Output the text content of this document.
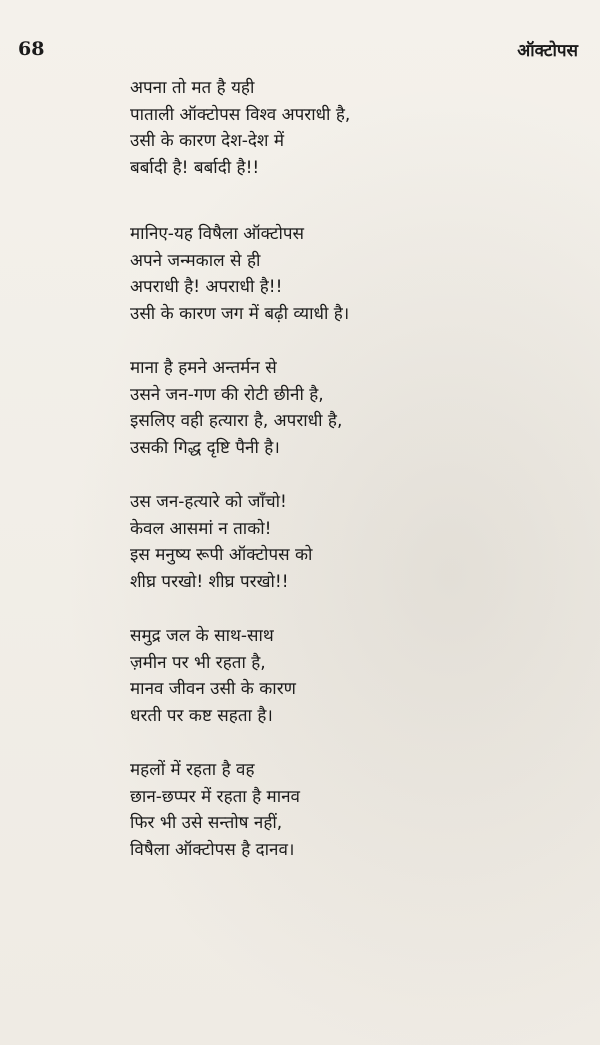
68	ऑक्टोपस
अपना तो मत है यही
पाताली ऑक्टोपस विश्व अपराधी है,
उसी के कारण देश-देश में
बर्बादी है! बर्बादी है!!
मानिए-यह विषैला ऑक्टोपस
अपने जन्मकाल से ही
अपराधी है! अपराधी है!!
उसी के कारण जग में बढ़ी व्याधी है।
माना है हमने अन्तर्मन से
उसने जन-गण की रोटी छीनी है,
इसलिए वही हत्यारा है, अपराधी है,
उसकी गिद्ध दृष्टि पैनी है।
उस जन-हत्यारे को जाँचो!
केवल आसमां न ताको!
इस मनुष्य रूपी ऑक्टोपस को
शीघ्र परखो! शीघ्र परखो!!
समुद्र जल के साथ-साथ
ज़मीन पर भी रहता है,
मानव जीवन उसी के कारण
धरती पर कष्ट सहता है।
महलों में रहता है वह
छान-छप्पर में रहता है मानव
फिर भी उसे सन्तोष नहीं,
विषैला ऑक्टोपस है दानव।
